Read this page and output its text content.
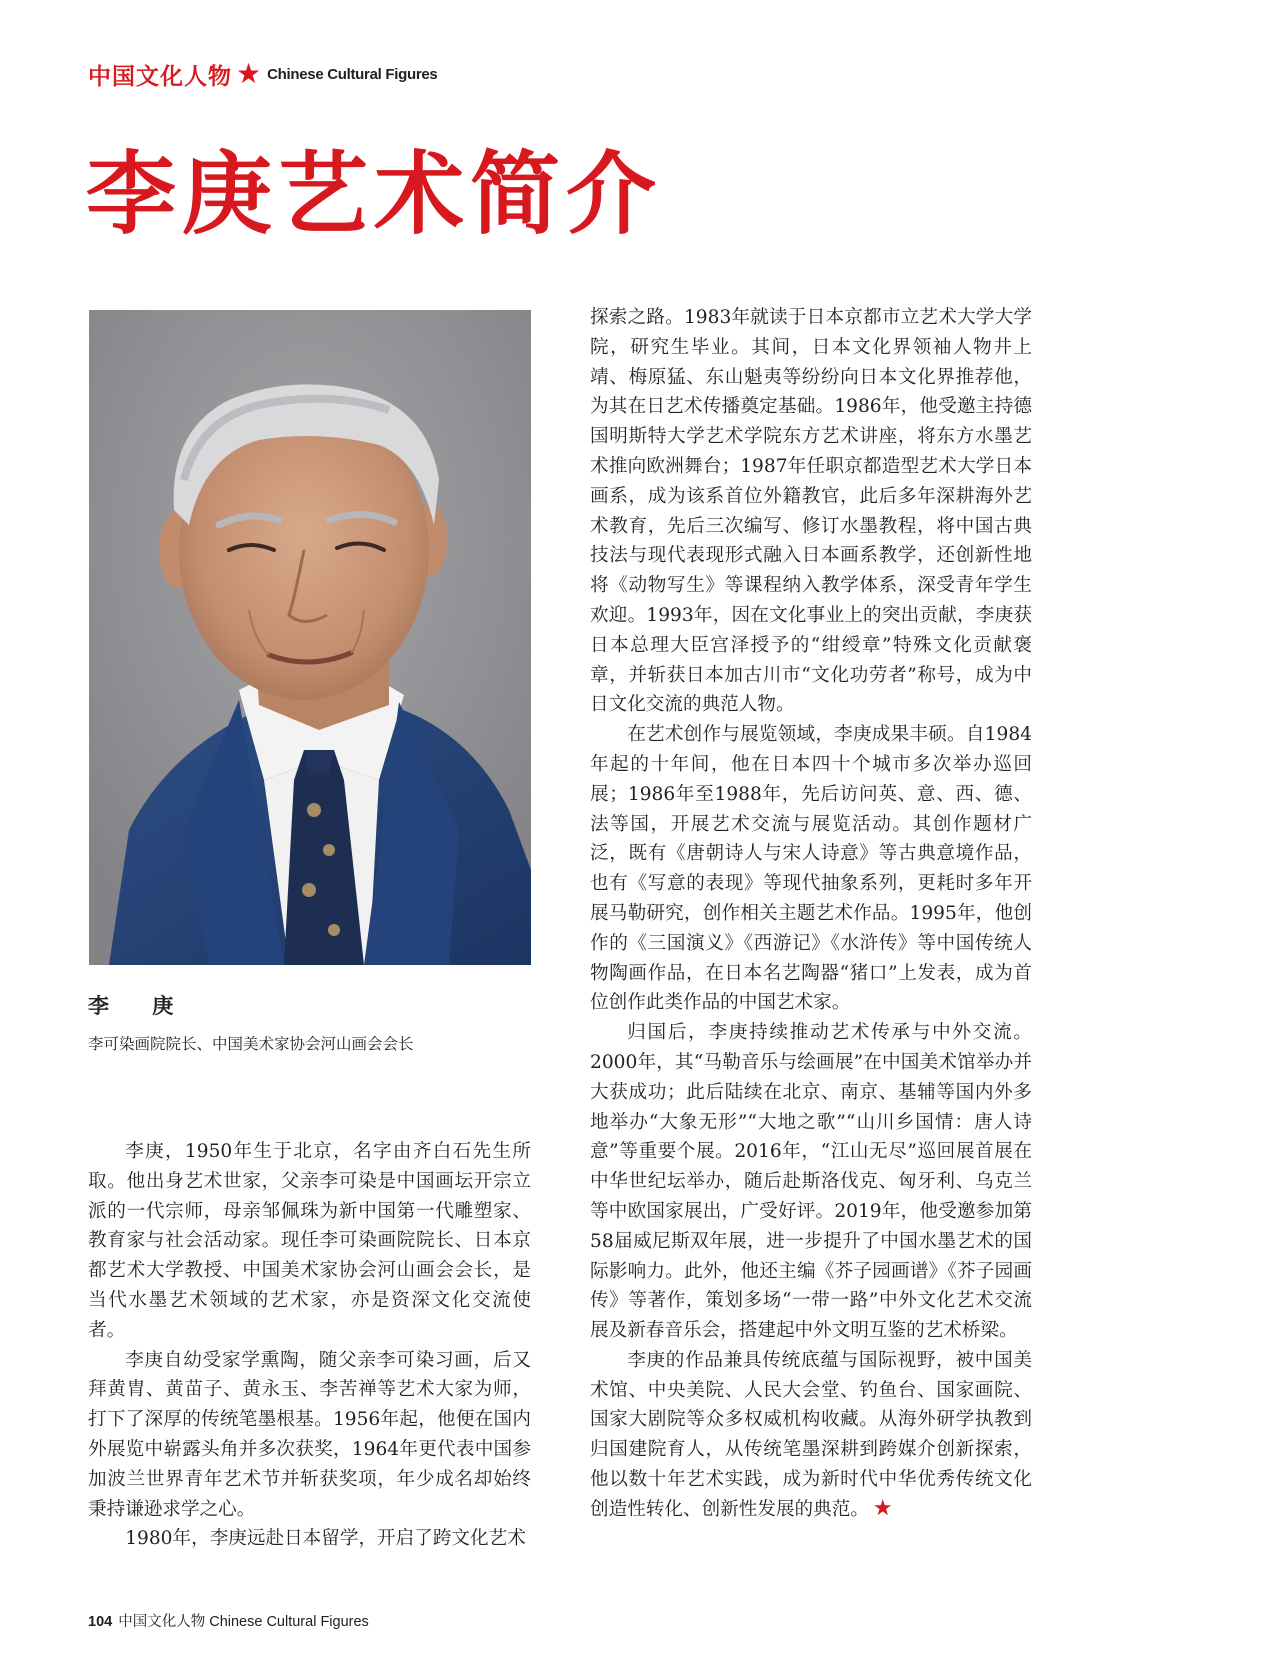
中国文化人物 ★ Chinese Cultural Figures
李庚艺术简介
李 庚
李可染画院院长、中国美术家协会河山画会会长

李庚，1950年生于北京，名字由齐白石先生所取。他出身艺术世家，父亲李可染是中国画坛开宗立派的一代宗师，母亲邹佩珠为新中国第一代雕塑家、教育家与社会活动家。现任李可染画院院长、日本京都艺术大学教授、中国美术家协会河山画会会长，是当代水墨艺术领域的艺术家，亦是资深文化交流使者。

李庚自幼受家学熏陶，随父亲李可染习画，后又拜黄胄、黄苗子、黄永玉、李苦禅等艺术大家为师，打下了深厚的传统笔墨根基。1956年起，他便在国内外展览中崭露头角并多次获奖，1964年更代表中国参加波兰世界青年艺术节并斩获奖项，年少成名却始终秉持谦逊求学之心。

1980年，李庚远赴日本留学，开启了跨文化艺术

探索之路。1983年就读于日本京都市立艺术大学大学院，研究生毕业。其间，日本文化界领袖人物井上靖、梅原猛、东山魁夷等纷纷向日本文化界推荐他，为其在日艺术传播奠定基础。1986年，他受邀主持德国明斯特大学艺术学院东方艺术讲座，将东方水墨艺术推向欧洲舞台；1987年任职京都造型艺术大学日本画系，成为该系首位外籍教官，此后多年深耕海外艺术教育，先后三次编写、修订水墨教程，将中国古典技法与现代表现形式融入日本画系教学，还创新性地将《动物写生》等课程纳入教学体系，深受青年学生欢迎。1993年，因在文化事业上的突出贡献，李庚获日本总理大臣宫泽授予的“绀绶章”特殊文化贡献褒章，并斩获日本加古川市“文化功劳者”称号，成为中日文化交流的典范人物。

在艺术创作与展览领域，李庚成果丰硕。自1984年起的十年间，他在日本四十个城市多次举办巡回展；1986年至1988年，先后访问英、意、西、德、法等国，开展艺术交流与展览活动。其创作题材广泛，既有《唐朝诗人与宋人诗意》等古典意境作品，也有《写意的表现》等现代抽象系列，更耗时多年开展马勒研究，创作相关主题艺术作品。1995年，他创作的《三国演义》《西游记》《水浒传》等中国传统人物陶画作品，在日本名艺陶器“猪口”上发表，成为首位创作此类作品的中国艺术家。

归国后，李庚持续推动艺术传承与中外交流。2000年，其“马勒音乐与绘画展”在中国美术馆举办并大获成功；此后陆续在北京、南京、基辅等国内外多地举办“大象无形”“大地之歌”“山川乡国情：唐人诗意”等重要个展。2016年，“江山无尽”巡回展首展在中华世纪坛举办，随后赴斯洛伐克、匈牙利、乌克兰等中欧国家展出，广受好评。2019年，他受邀参加第58届威尼斯双年展，进一步提升了中国水墨艺术的国际影响力。此外，他还主编《芥子园画谱》《芥子园画传》等著作，策划多场“一带一路”中外文化艺术交流展及新春音乐会，搭建起中外文明互鉴的艺术桥梁。

李庚的作品兼具传统底蕴与国际视野，被中国美术馆、中央美院、人民大会堂、钓鱼台、国家画院、国家大剧院等众多权威机构收藏。从海外研学执教到归国建院育人，从传统笔墨深耕到跨媒介创新探索，他以数十年艺术实践，成为新时代中华优秀传统文化创造性转化、创新性发展的典范。 ★

104 中国文化人物 Chinese Cultural Figures
